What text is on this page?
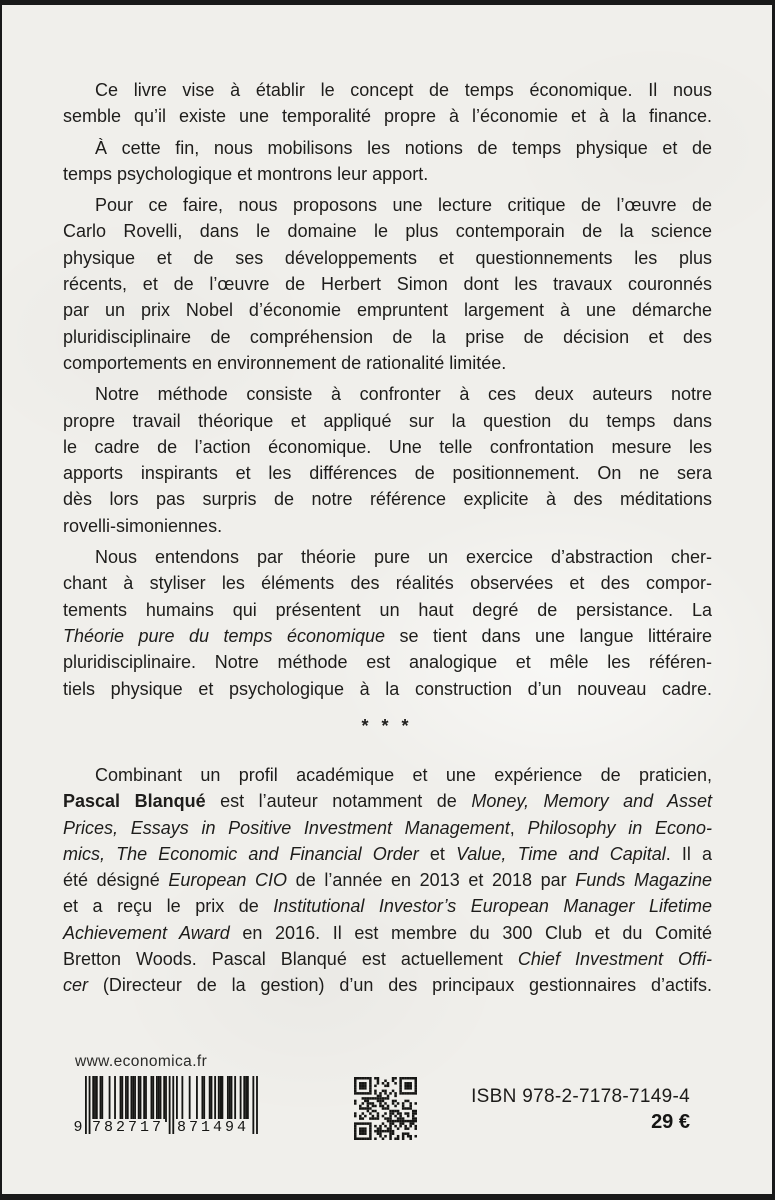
Ce livre vise à établir le concept de temps économique. Il nous
semble qu’il existe une temporalité propre à l’économie et à la finance.
À cette fin, nous mobilisons les notions de temps physique et de
temps psychologique et montrons leur apport.
Pour ce faire, nous proposons une lecture critique de l’œuvre de
Carlo Rovelli, dans le domaine le plus contemporain de la science
physique et de ses développements et questionnements les plus
récents, et de l’œuvre de Herbert Simon dont les travaux couronnés
par un prix Nobel d’économie empruntent largement à une démarche
pluridisciplinaire de compréhension de la prise de décision et des
comportements en environnement de rationalité limitée.
Notre méthode consiste à confronter à ces deux auteurs notre
propre travail théorique et appliqué sur la question du temps dans
le cadre de l’action économique. Une telle confrontation mesure les
apports inspirants et les différences de positionnement. On ne sera
dès lors pas surpris de notre référence explicite à des méditations
rovelli-simoniennes.
Nous entendons par théorie pure un exercice d’abstraction cher-
chant à styliser les éléments des réalités observées et des compor-
tements humains qui présentent un haut degré de persistance. La
Théorie pure du temps économique se tient dans une langue littéraire
pluridisciplinaire. Notre méthode est analogique et mêle les référen-
tiels physique et psychologique à la construction d’un nouveau cadre.
* * *
Combinant un profil académique et une expérience de praticien,
Pascal Blanqué est l’auteur notamment de Money, Memory and Asset
Prices, Essays in Positive Investment Management, Philosophy in Econo-
mics, The Economic and Financial Order et Value, Time and Capital. Il a
été désigné European CIO de l’année en 2013 et 2018 par Funds Magazine
et a reçu le prix de Institutional Investor’s European Manager Lifetime
Achievement Award en 2016. Il est membre du 300 Club et du Comité
Bretton Woods. Pascal Blanqué est actuellement Chief Investment Offi-
cer (Directeur de la gestion) d’un des principaux gestionnaires d’actifs.
www.economica.fr
9 782717 871494
ISBN 978-2-7178-7149-4
29 €
